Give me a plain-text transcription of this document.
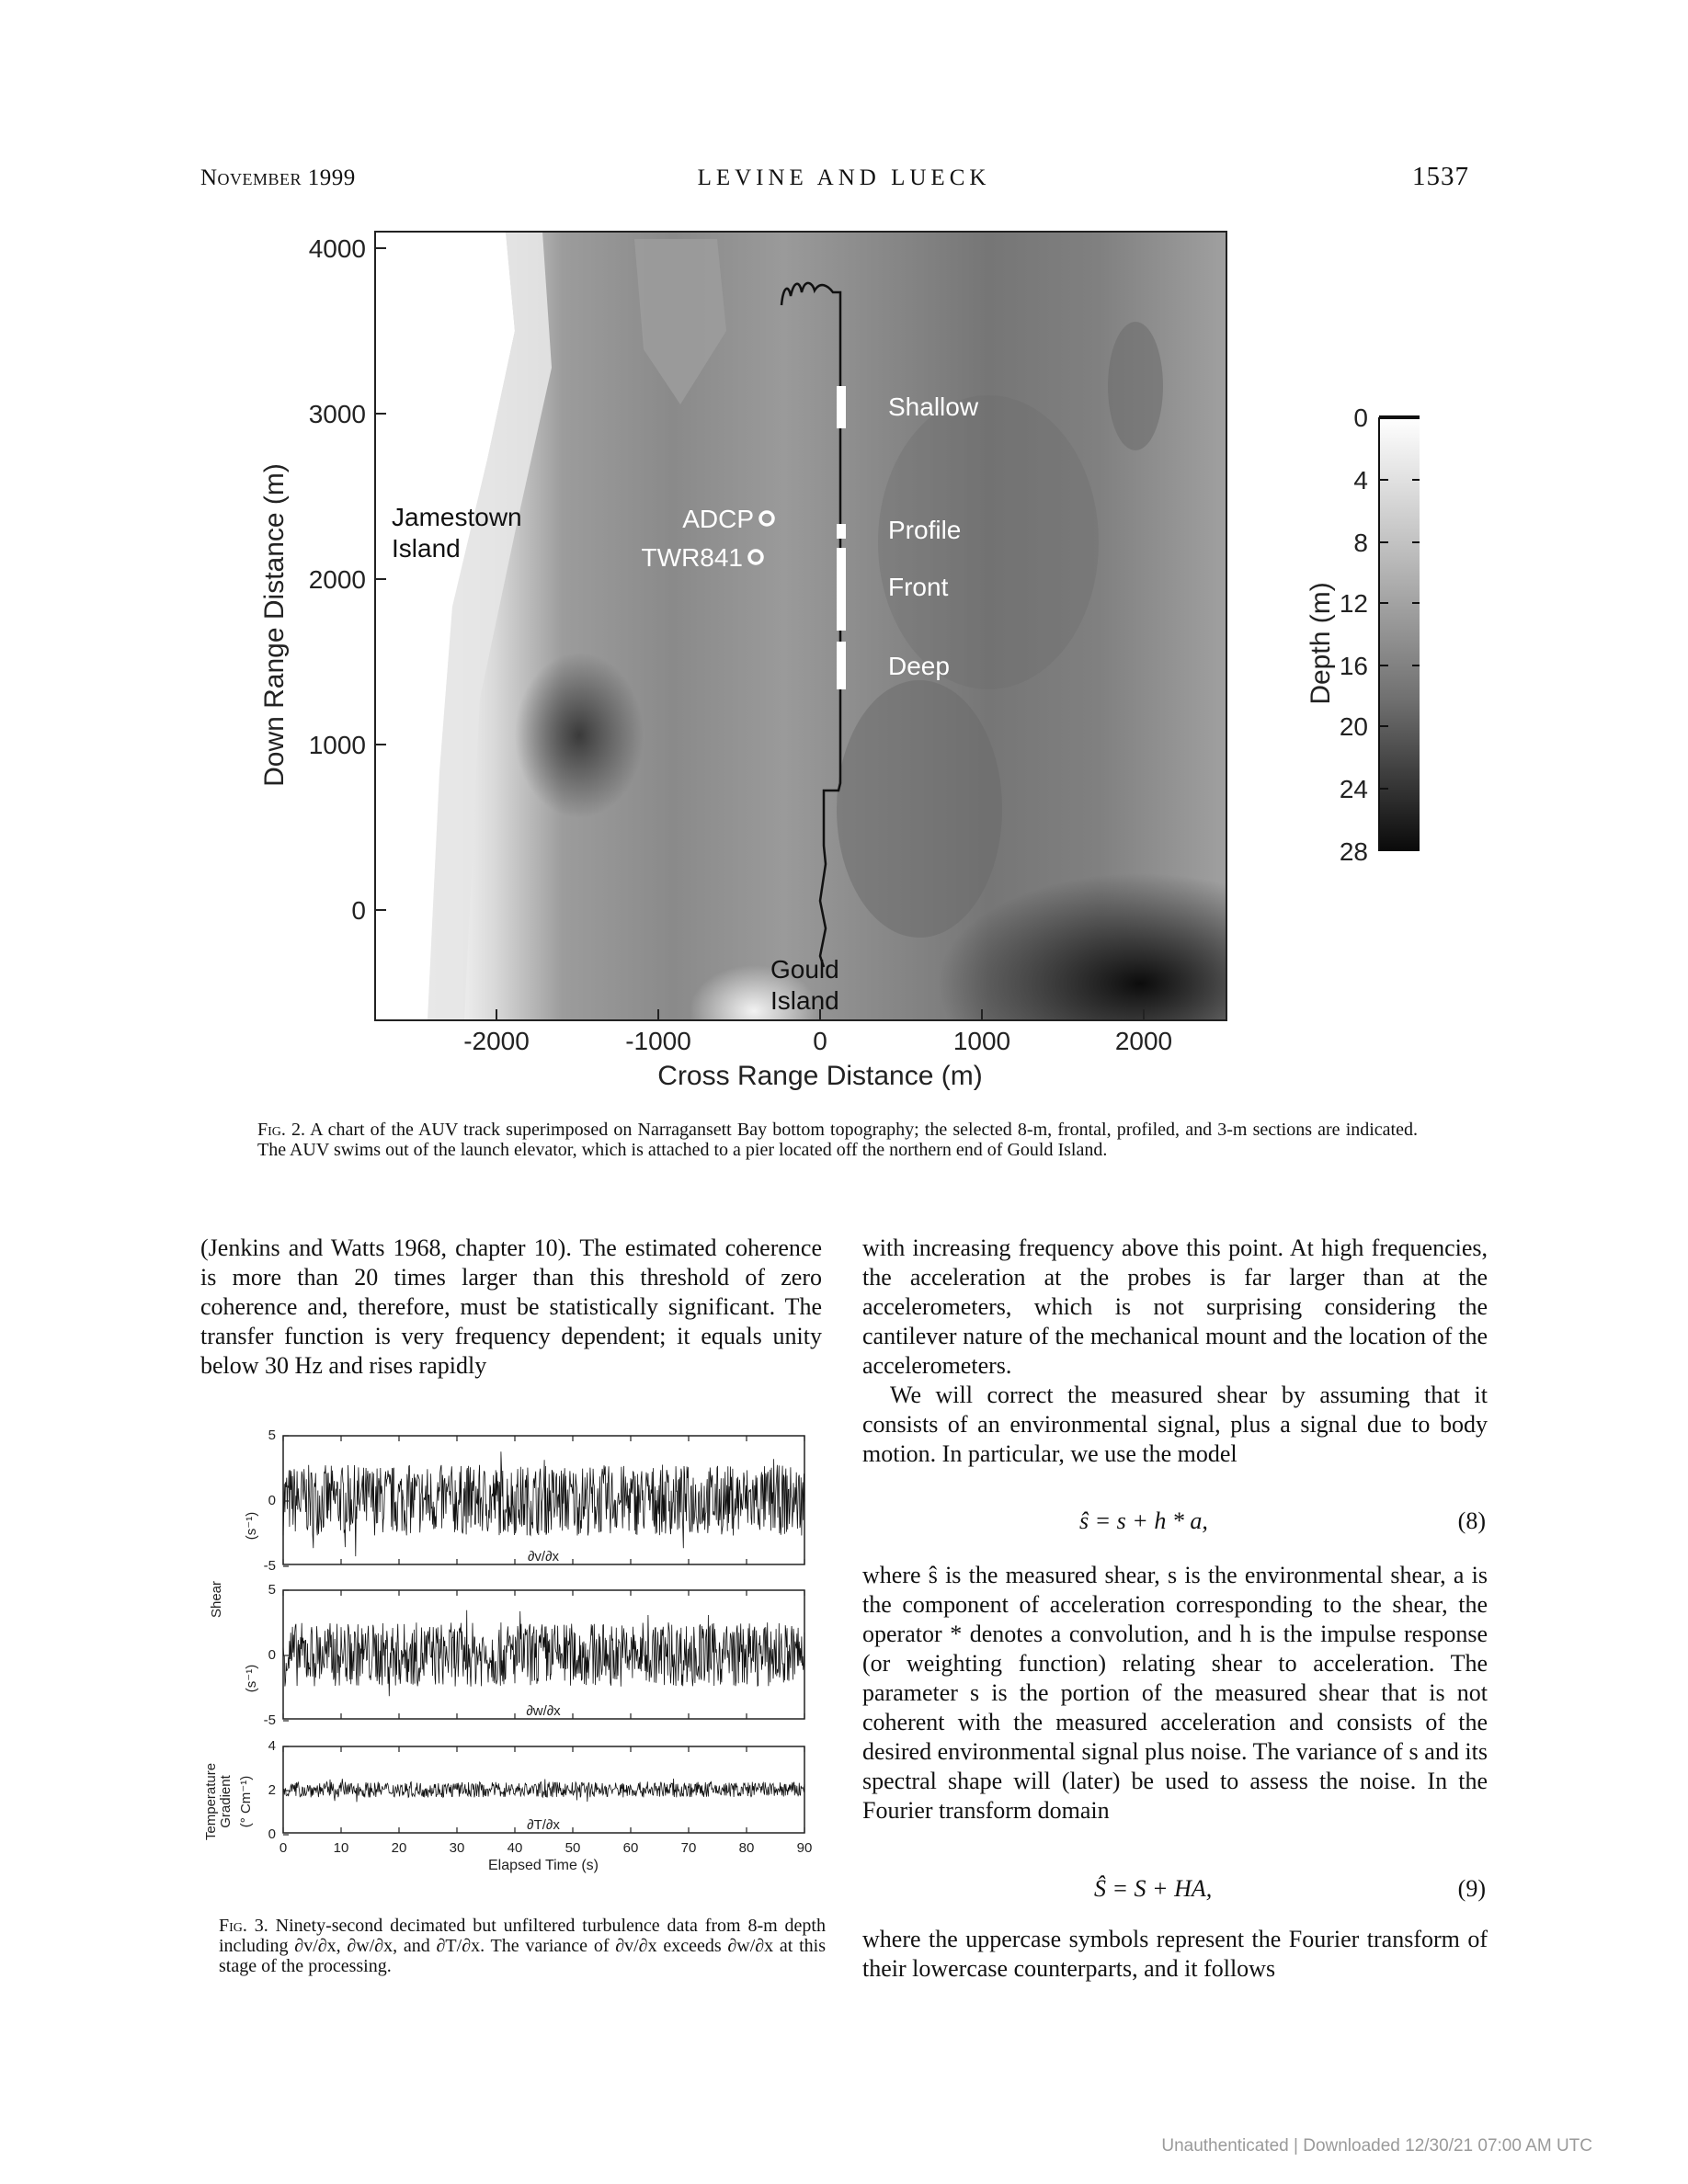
November 1999	LEVINE AND LUECK	1537
4000
3000
2000
1000
0
-2000	-1000	0	1000	2000
Cross Range Distance (m)
Down Range Distance (m)	Jamestown
Island
ADCP
TWR841
Shallow
Profile
Front
Deep
Gould
Island
0
4
8
12
16
20
24
28
Depth (m)
Fig. 2. A chart of the AUV track superimposed on Narragansett Bay bottom topography; the selected 8-m, frontal, profiled, and 3-m sections are indicated. The AUV swims out of the launch elevator, which is attached to a pier located off the northern end of Gould Island.

(Jenkins and Watts 1968, chapter 10). The estimated coherence is more than 20 times larger than this threshold of zero coherence and, therefore, must be statistically significant. The transfer function is very frequency dependent; it equals unity below 30 Hz and rises rapidly

Shear
Temperature Gradient
(s⁻¹)
(s⁻¹)
(° Cm⁻¹)
5
0
-5
∂v/∂x
5
0
-5
∂w/∂x
4
2
0
∂T/∂x
0	10	20	30	40	50	60	70	80	90
Elapsed Time (s)
Fig. 3. Ninety-second decimated but unfiltered turbulence data from 8-m depth including ∂v/∂x, ∂w/∂x, and ∂T/∂x. The variance of ∂v/∂x exceeds ∂w/∂x at this stage of the processing.

with increasing frequency above this point. At high frequencies, the acceleration at the probes is far larger than at the accelerometers, which is not surprising considering the cantilever nature of the mechanical mount and the location of the accelerometers.

We will correct the measured shear by assuming that it consists of an environmental signal, plus a signal due to body motion. In particular, we use the model

ŝ = s + h * a,	(8)

where ŝ is the measured shear, s is the environmental shear, a is the component of acceleration corresponding to the shear, the operator * denotes a convolution, and h is the impulse response (or weighting function) relating shear to acceleration. The parameter s is the portion of the measured shear that is not coherent with the measured acceleration and consists of the desired environmental signal plus noise. The variance of s and its spectral shape will (later) be used to assess the noise. In the Fourier transform domain

Ŝ = S + HA,	(9)

where the uppercase symbols represent the Fourier transform of their lowercase counterparts, and it follows

Unauthenticated | Downloaded 12/30/21 07:00 AM UTC
